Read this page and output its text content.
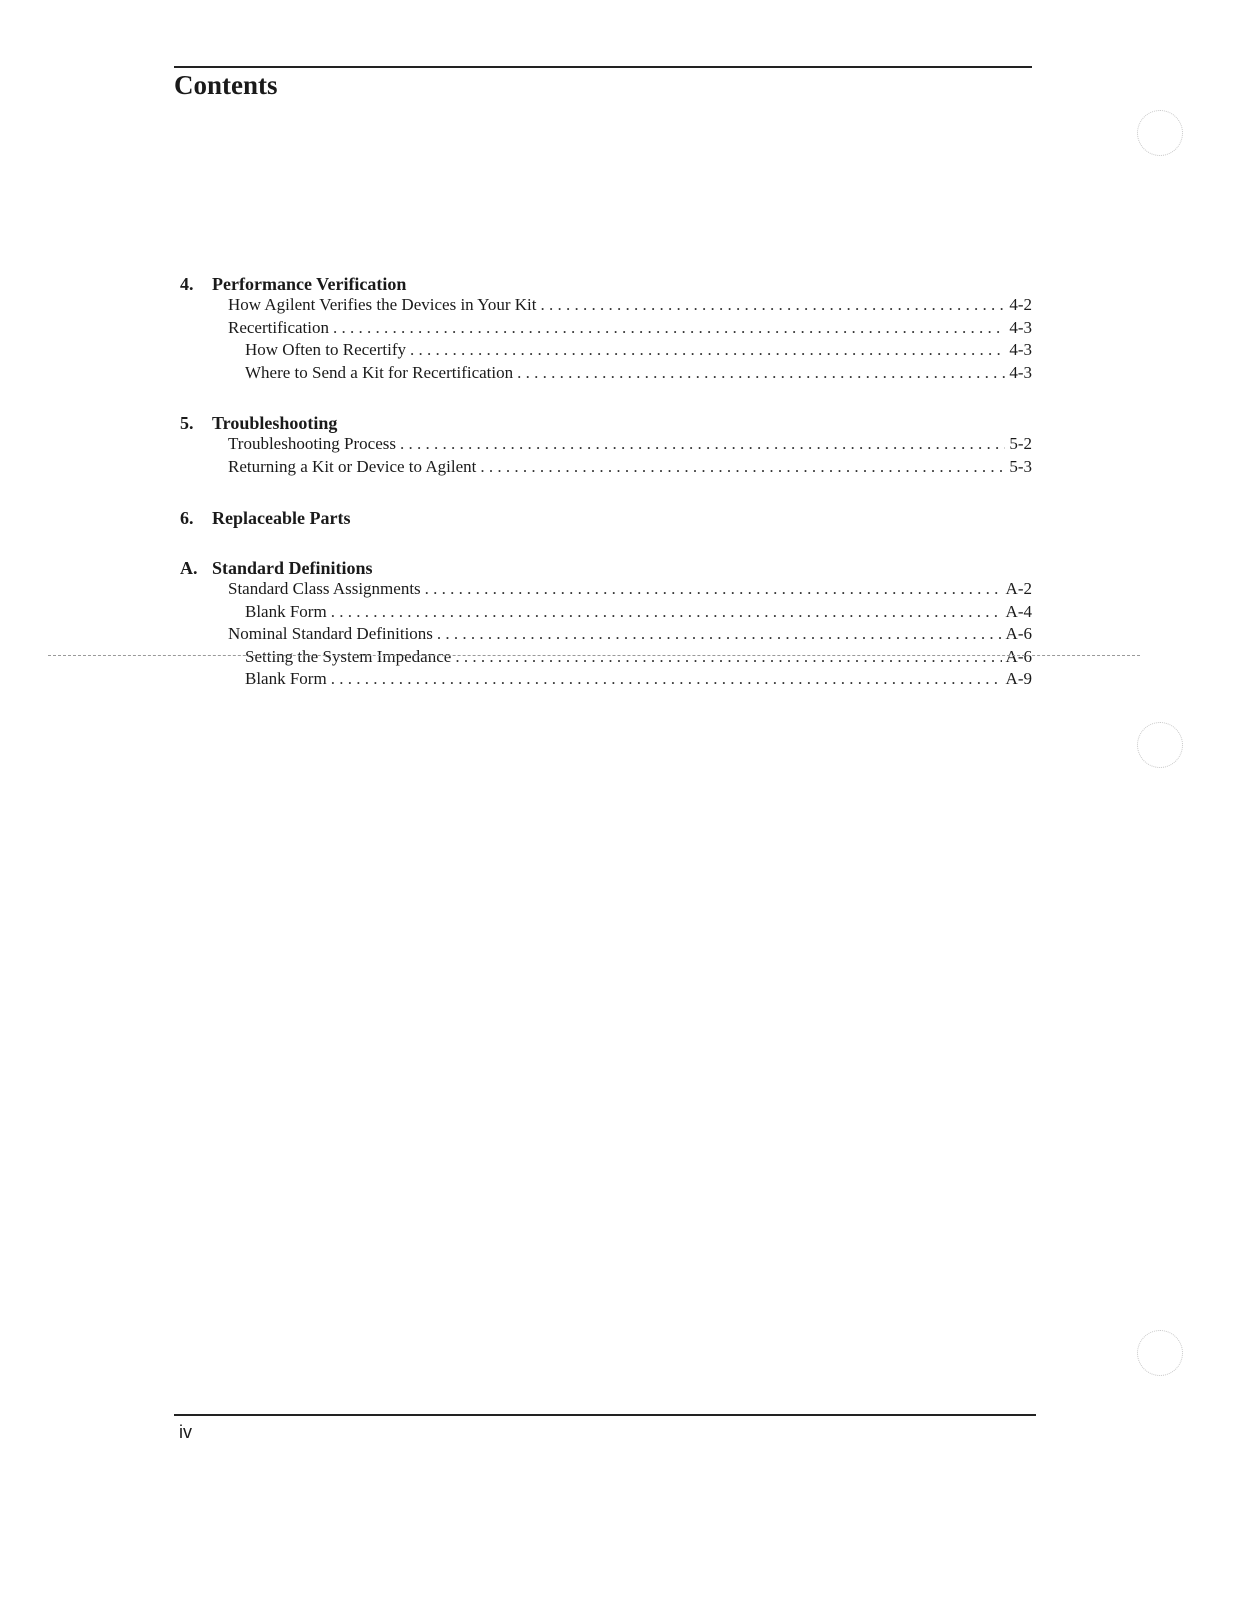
Contents
4.	Performance Verification
How Agilent Verifies the Devices in Your Kit . . .	4-2
Recertification . . .	4-3
How Often to Recertify . . .	4-3
Where to Send a Kit for Recertification . . .	4-3
5.	Troubleshooting
Troubleshooting Process . . .	5-2
Returning a Kit or Device to Agilent . . .	5-3
6.	Replaceable Parts
A. Standard Definitions
Standard Class Assignments . . .	A-2
Blank Form . . .	A-4
Nominal Standard Definitions . . .	A-6
Setting the System Impedance . . .	A-6
Blank Form . . .	A-9
iv
